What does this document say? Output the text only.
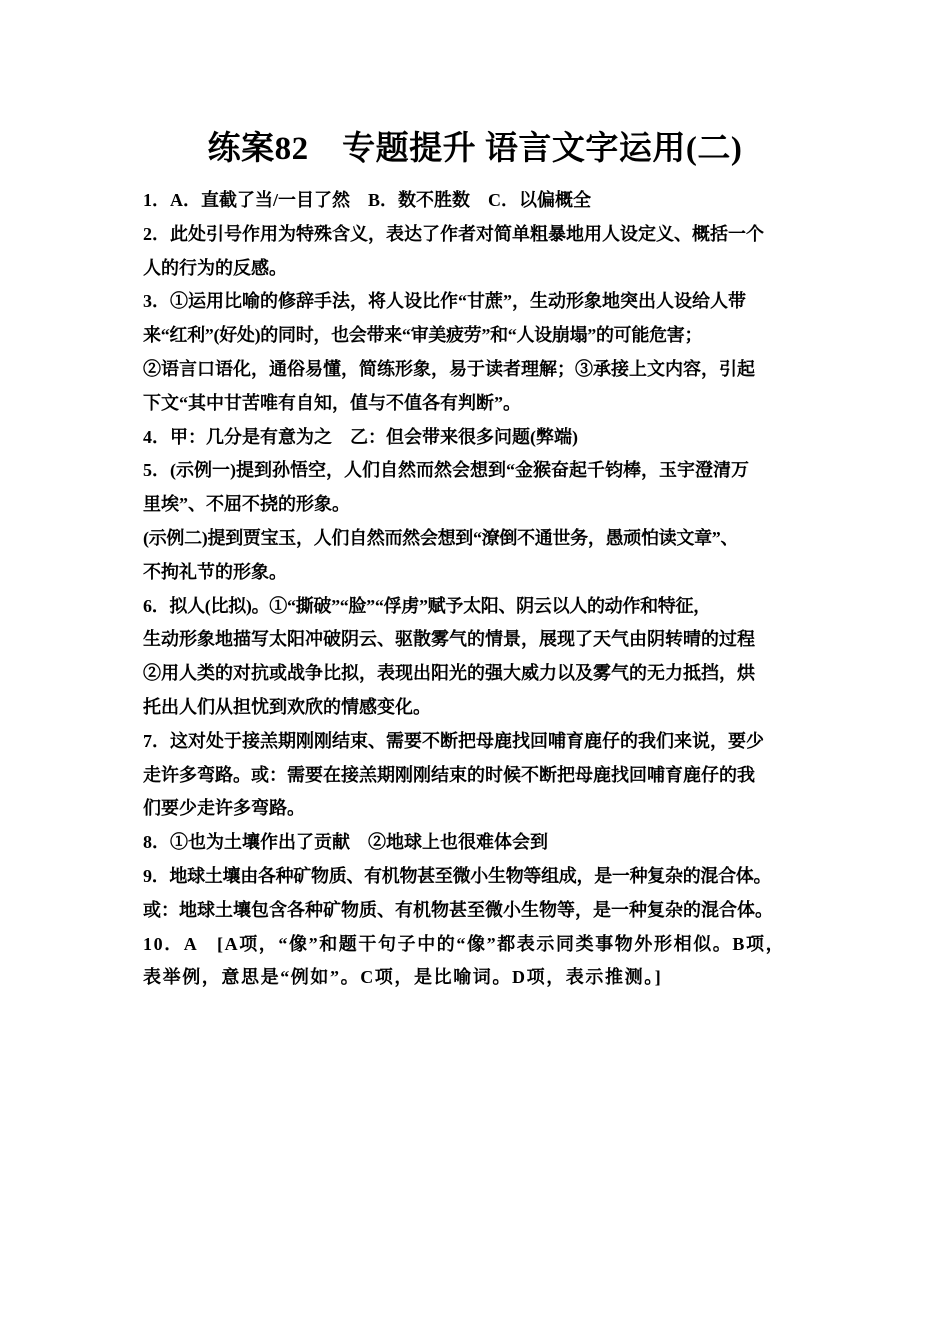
练案82　专题提升 语言文字运用(二)
1．A．直截了当/一目了然　B．数不胜数　C．以偏概全
2．此处引号作用为特殊含义，表达了作者对简单粗暴地用人设定义、概括一个
人的行为的反感。
3．①运用比喻的修辞手法，将人设比作“甘蔗”，生动形象地突出人设给人带
来“红利”(好处)的同时，也会带来“审美疲劳”和“人设崩塌”的可能危害；
②语言口语化，通俗易懂，简练形象，易于读者理解；③承接上文内容，引起
下文“其中甘苦唯有自知，值与不值各有判断”。
4．甲：几分是有意为之　乙：但会带来很多问题(弊端)
5．(示例一)提到孙悟空，人们自然而然会想到“金猴奋起千钧棒，玉宇澄清万
里埃”、不屈不挠的形象。
(示例二)提到贾宝玉，人们自然而然会想到“潦倒不通世务，愚顽怕读文章”、
不拘礼节的形象。
6．拟人(比拟)。①“撕破”“脸”“俘虏”赋予太阳、阴云以人的动作和特征，
生动形象地描写太阳冲破阴云、驱散雾气的情景，展现了天气由阴转晴的过程
②用人类的对抗或战争比拟，表现出阳光的强大威力以及雾气的无力抵挡，烘
托出人们从担忧到欢欣的情感变化。
7．这对处于接羔期刚刚结束、需要不断把母鹿找回哺育鹿仔的我们来说，要少
走许多弯路。或：需要在接羔期刚刚结束的时候不断把母鹿找回哺育鹿仔的我
们要少走许多弯路。
8．①也为土壤作出了贡献　②地球上也很难体会到
9．地球土壤由各种矿物质、有机物甚至微小生物等组成，是一种复杂的混合体。
或：地球土壤包含各种矿物质、有机物甚至微小生物等，是一种复杂的混合体。
10．A　[A项，“像”和题干句子中的“像”都表示同类事物外形相似。B项，
表举例，意思是“例如”。C项，是比喻词。D项，表示推测。]
